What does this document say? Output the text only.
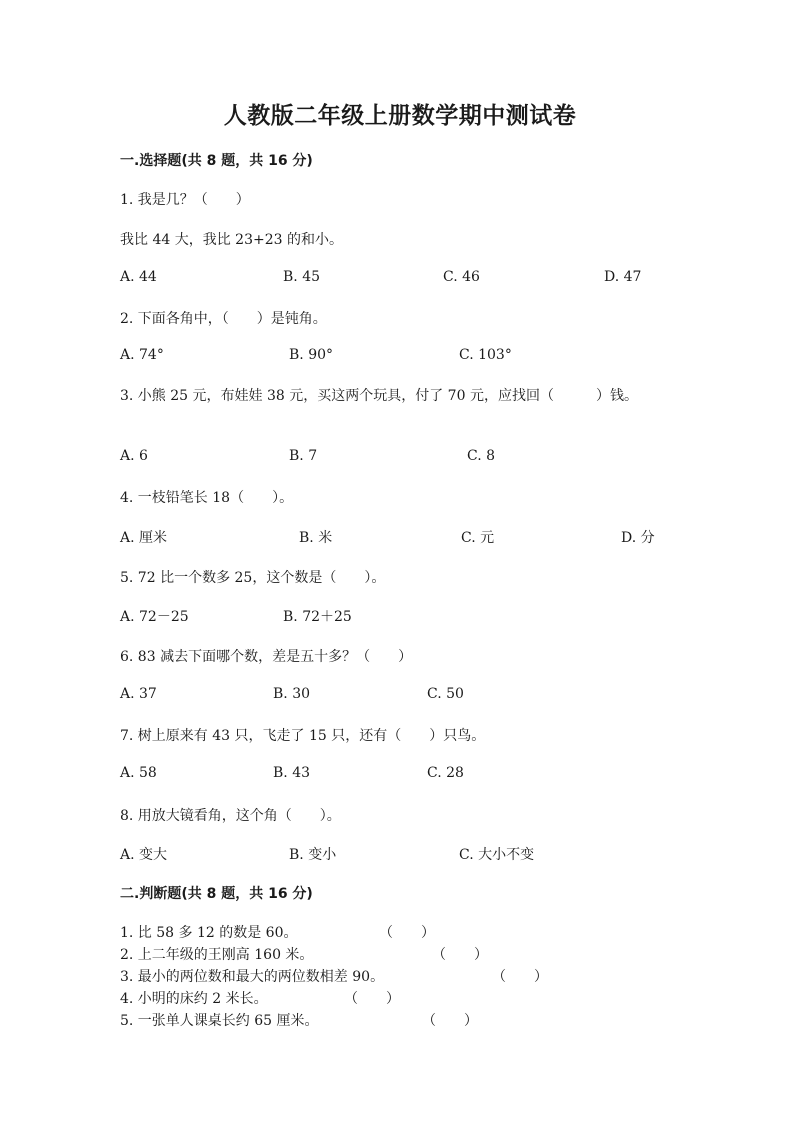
人教版二年级上册数学期中测试卷
一.选择题(共 8 题，共 16 分)
1. 我是几？（　　）
我比 44 大，我比 23+23 的和小。
A. 44	B. 45	C. 46	D. 47
2. 下面各角中，（　　）是钝角。
A. 74°	B. 90°	C. 103°
3. 小熊 25 元，布娃娃 38 元，买这两个玩具，付了 70 元，应找回（　　　）钱。
A. 6	B. 7	C. 8
4. 一枝铅笔长 18（　　）。
A. 厘米	B. 米	C. 元	D. 分
5. 72 比一个数多 25，这个数是（　　）。
A. 72－25	B. 72＋25
6. 83 减去下面哪个数，差是五十多？（　　）
A. 37	B. 30	C. 50
7. 树上原来有 43 只，飞走了 15 只，还有（　　）只鸟。
A. 58	B. 43	C. 28
8. 用放大镜看角，这个角（　　）。
A. 变大	B. 变小	C. 大小不变
二.判断题(共 8 题，共 16 分)
1. 比 58 多 12 的数是 60。	（　　）
2. 上二年级的王刚高 160 米。	（　　）
3. 最小的两位数和最大的两位数相差 90。	（　　）
4. 小明的床约 2 米长。	（　　）
5. 一张单人课桌长约 65 厘米。	（　　）
